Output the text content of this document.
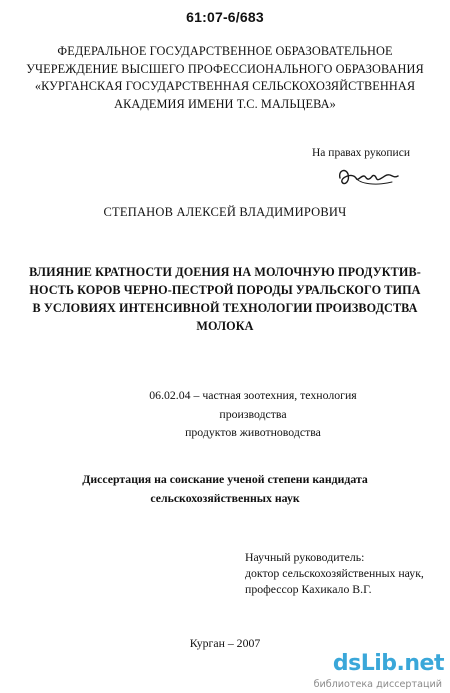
61:07-6/683
ФЕДЕРАЛЬНОЕ ГОСУДАРСТВЕННОЕ ОБРАЗОВАТЕЛЬНОЕ
УЧЕРЕЖДЕНИЕ ВЫСШЕГО ПРОФЕССИОНАЛЬНОГО ОБРАЗОВАНИЯ
«КУРГАНСКАЯ ГОСУДАРСТВЕННАЯ СЕЛЬСКОХОЗЯЙСТВЕННАЯ
АКАДЕМИЯ ИМЕНИ Т.С. МАЛЬЦЕВА»
На правах рукописи
СТЕПАНОВ АЛЕКСЕЙ ВЛАДИМИРОВИЧ
ВЛИЯНИЕ КРАТНОСТИ ДОЕНИЯ НА МОЛОЧНУЮ ПРОДУКТИВ-
НОСТЬ КОРОВ ЧЕРНО-ПЕСТРОЙ ПОРОДЫ УРАЛЬСКОГО ТИПА
В УСЛОВИЯХ ИНТЕНСИВНОЙ ТЕХНОЛОГИИ ПРОИЗВОДСТВА
МОЛОКА
06.02.04 – частная зоотехния, технология производства
продуктов животноводства
Диссертация на соискание ученой степени кандидата
сельскохозяйственных наук
Научный руководитель:
доктор сельскохозяйственных наук,
профессор Кахикало В.Г.
Курган – 2007
dsLib.net
библиотека диссертаций
